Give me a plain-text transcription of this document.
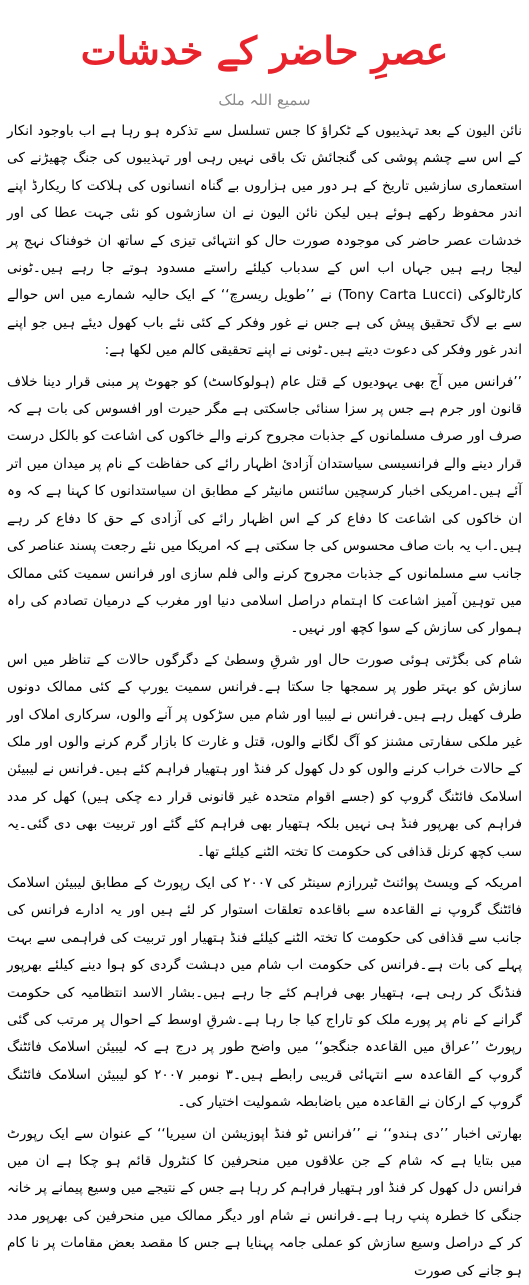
عصرِ حاضر کے خدشات
سمیع اللہ ملک

نائن الیون کے بعد تہذیبوں کے ٹکراؤ کا جس تسلسل سے تذکرہ ہو رہا ہے اب باوجود انکار کے اس سے چشم پوشی کی گنجائش تک باقی نہیں رہی اور تہذیبوں کی جنگ چھیڑنے کی استعماری سازشیں تاریخ کے ہر دور میں ہزاروں بے گناہ انسانوں کی ہلاکت کا ریکارڈ اپنے اندر محفوظ رکھے ہوئے ہیں لیکن نائن الیون نے ان سازشوں کو نئی جہت عطا کی اور خدشات عصر حاضر کی موجودہ صورت حال کو انتہائی تیزی کے ساتھ ان خوفناک نہج پر لیجا رہے ہیں جہاں اب اس کے سدباب کیلئے راستے مسدود ہوتے جا رہے ہیں۔ٹونی کارٹالوکی (Tony Carta Lucci) نے ’’طویل ریسرچ‘‘ کے ایک حالیہ شمارے میں اس حوالے سے بے لاگ تحقیق پیش کی ہے جس نے غور وفکر کے کئی نئے باب کھول دیئے ہیں جو اپنے اندر غور وفکر کی دعوت دیتے ہیں۔ٹونی نے اپنے تحقیقی کالم میں لکھا ہے:

’’فرانس میں آج بھی یہودیوں کے قتل عام (ہولوکاسٹ) کو جھوٹ پر مبنی قرار دینا خلاف قانون اور جرم ہے جس پر سزا سنائی جاسکتی ہے مگر حیرت اور افسوس کی بات ہے کہ صرف اور صرف مسلمانوں کے جذبات مجروح کرنے والے خاکوں کی اشاعت کو بالکل درست قرار دینے والے فرانسیسی سیاستدان آزادیٔ اظہار رائے کی حفاظت کے نام پر میدان میں اتر آئے ہیں۔امریکی اخبار کرسچین سائنس مانیٹر کے مطابق ان سیاستدانوں کا کہنا ہے کہ وہ ان خاکوں کی اشاعت کا دفاع کر کے اس اظہار رائے کی آزادی کے حق کا دفاع کر رہے ہیں۔اب یہ بات صاف محسوس کی جا سکتی ہے کہ امریکا میں نئے رجعت پسند عناصر کی جانب سے مسلمانوں کے جذبات مجروح کرنے والی فلم سازی اور فرانس سمیت کئی ممالک میں توہین آمیز اشاعت کا اہتمام دراصل اسلامی دنیا اور مغرب کے درمیان تصادم کی راہ ہموار کی سازش کے سوا کچھ اور نہیں۔

شام کی بگڑتی ہوئی صورت حال اور شرقِ وسطیٰ کے دگرگوں حالات کے تناظر میں اس سازش کو بہتر طور پر سمجھا جا سکتا ہے۔فرانس سمیت یورپ کے کئی ممالک دونوں طرف کھیل رہے ہیں۔فرانس نے لیبیا اور شام میں سڑکوں پر آنے والوں، سرکاری املاک اور غیر ملکی سفارتی مشنز کو آگ لگانے والوں، قتل و غارت کا بازار گرم کرنے والوں اور ملک کے حالات خراب کرنے والوں کو دل کھول کر فنڈ اور ہتھیار فراہم کئے ہیں۔فرانس نے لیبیئن اسلامک فائٹنگ گروپ کو (جسے اقوام متحدہ غیر قانونی قرار دے چکی ہیں) کھل کر مدد فراہم کی بھرپور فنڈ ہی نہیں بلکہ ہتھیار بھی فراہم کئے گئے اور تربیت بھی دی گئی۔یہ سب کچھ کرنل قذافی کی حکومت کا تختہ الٹنے کیلئے تھا۔

امریکہ کے ویسٹ پوائنٹ ٹیررازم سینٹر کی ۲۰۰۷ کی ایک رپورٹ کے مطابق لیبیئن اسلامک فائٹنگ گروپ نے القاعدہ سے باقاعدہ تعلقات استوار کر لئے ہیں اور یہ ادارے فرانس کی جانب سے قذافی کی حکومت کا تختہ الٹنے کیلئے فنڈ ہتھیار اور تربیت کی فراہمی سے بہت پہلے کی بات ہے۔فرانس کی حکومت اب شام میں دہشت گردی کو ہوا دینے کیلئے بھرپور فنڈنگ کر رہی ہے، ہتھیار بھی فراہم کئے جا رہے ہیں۔بشار الاسد انتظامیہ کی حکومت گرانے کے نام پر پورے ملک کو تاراج کیا جا رہا ہے۔شرقِ اوسط کے احوال پر مرتب کی گئی رپورٹ ’’عراق میں القاعدہ جنگجو‘‘ میں واضح طور پر درج ہے کہ لیبیئن اسلامک فائٹنگ گروپ کے القاعدہ سے انتہائی قریبی رابطے ہیں۔۳ نومبر ۲۰۰۷ کو لیبیئن اسلامک فائٹنگ گروپ کے ارکان نے القاعدہ میں باضابطہ شمولیت اختیار کی۔

بھارتی اخبار ’’دی ہندو‘‘ نے ’’فرانس ٹو فنڈ اپوزیشن ان سیریا‘‘ کے عنوان سے ایک رپورٹ میں بتایا ہے کہ شام کے جن علاقوں میں منحرفین کا کنٹرول قائم ہو چکا ہے ان میں فرانس دل کھول کر فنڈ اور ہتھیار فراہم کر رہا ہے جس کے نتیجے میں وسیع پیمانے پر خانہ جنگی کا خطرہ پنپ رہا ہے۔فرانس نے شام اور دیگر ممالک میں منحرفین کی بھرپور مدد کر کے دراصل وسیع سازش کو عملی جامہ پہنایا ہے جس کا مقصد بعض مقامات پر نا کام ہو جانے کی صورت
